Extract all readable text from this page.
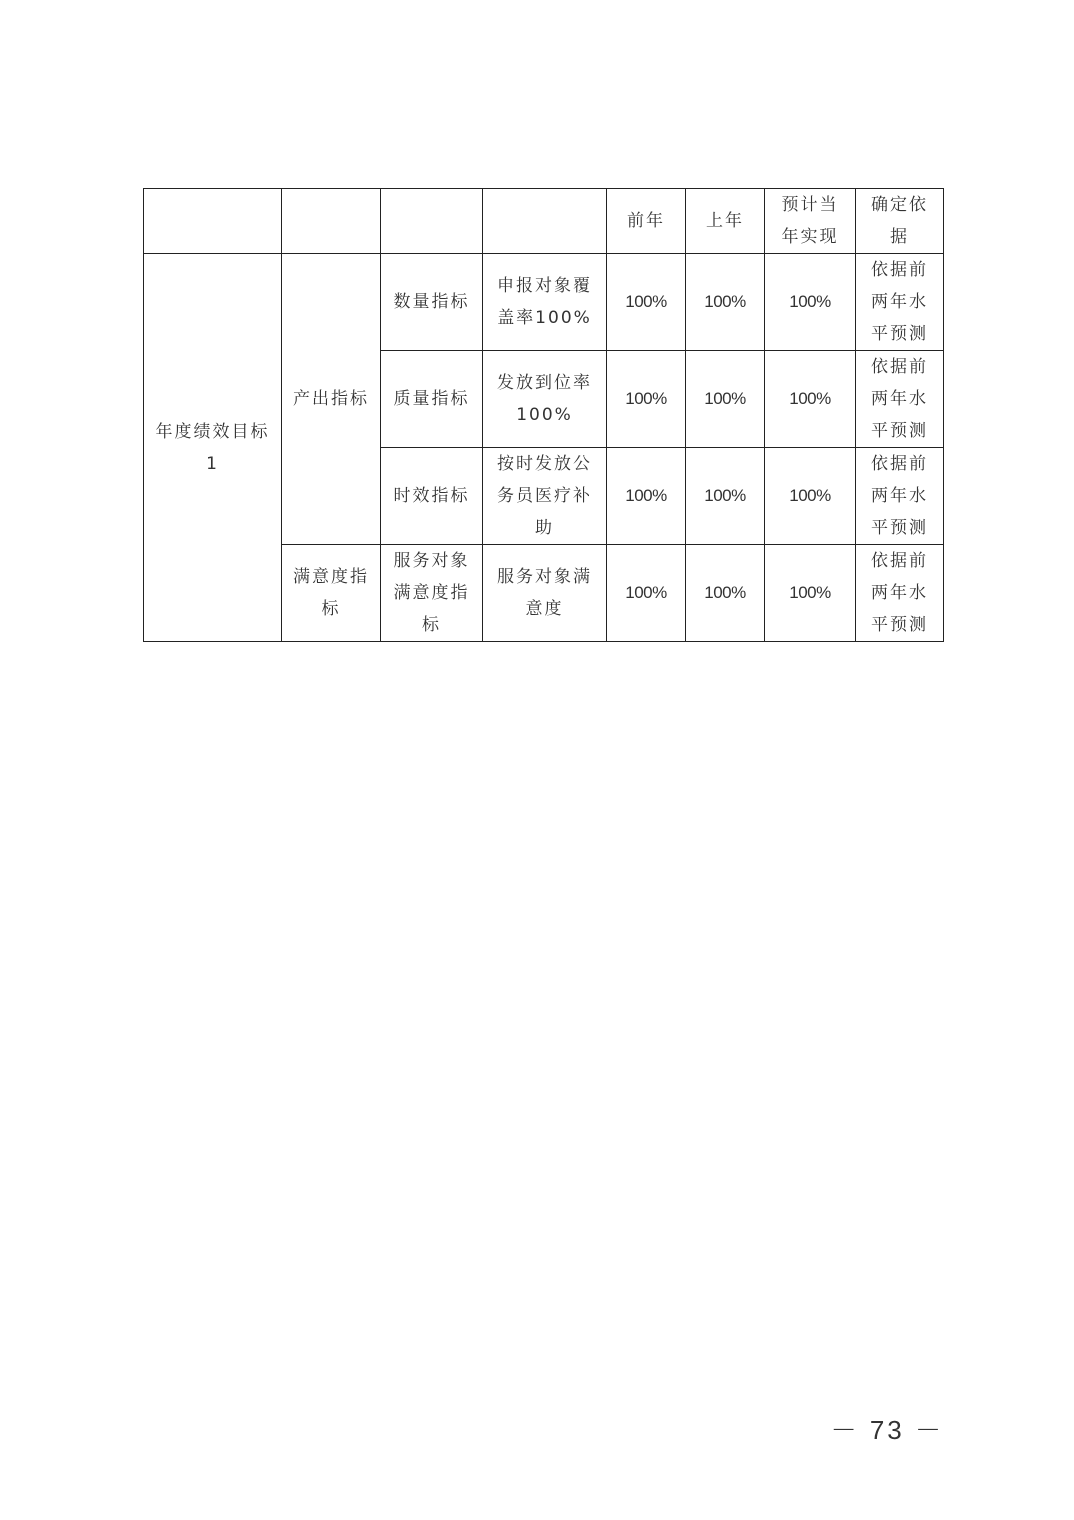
				前年	上年	预计当年实现	确定依据
年度绩效目标1	产出指标	数量指标	申报对象覆盖率100%	100%	100%	100%	依据前两年水平预测
		质量指标	发放到位率100%	100%	100%	100%	依据前两年水平预测
		时效指标	按时发放公务员医疗补助	100%	100%	100%	依据前两年水平预测
	满意度指标	服务对象满意度指标	服务对象满意度	100%	100%	100%	依据前两年水平预测
－ 73 －
